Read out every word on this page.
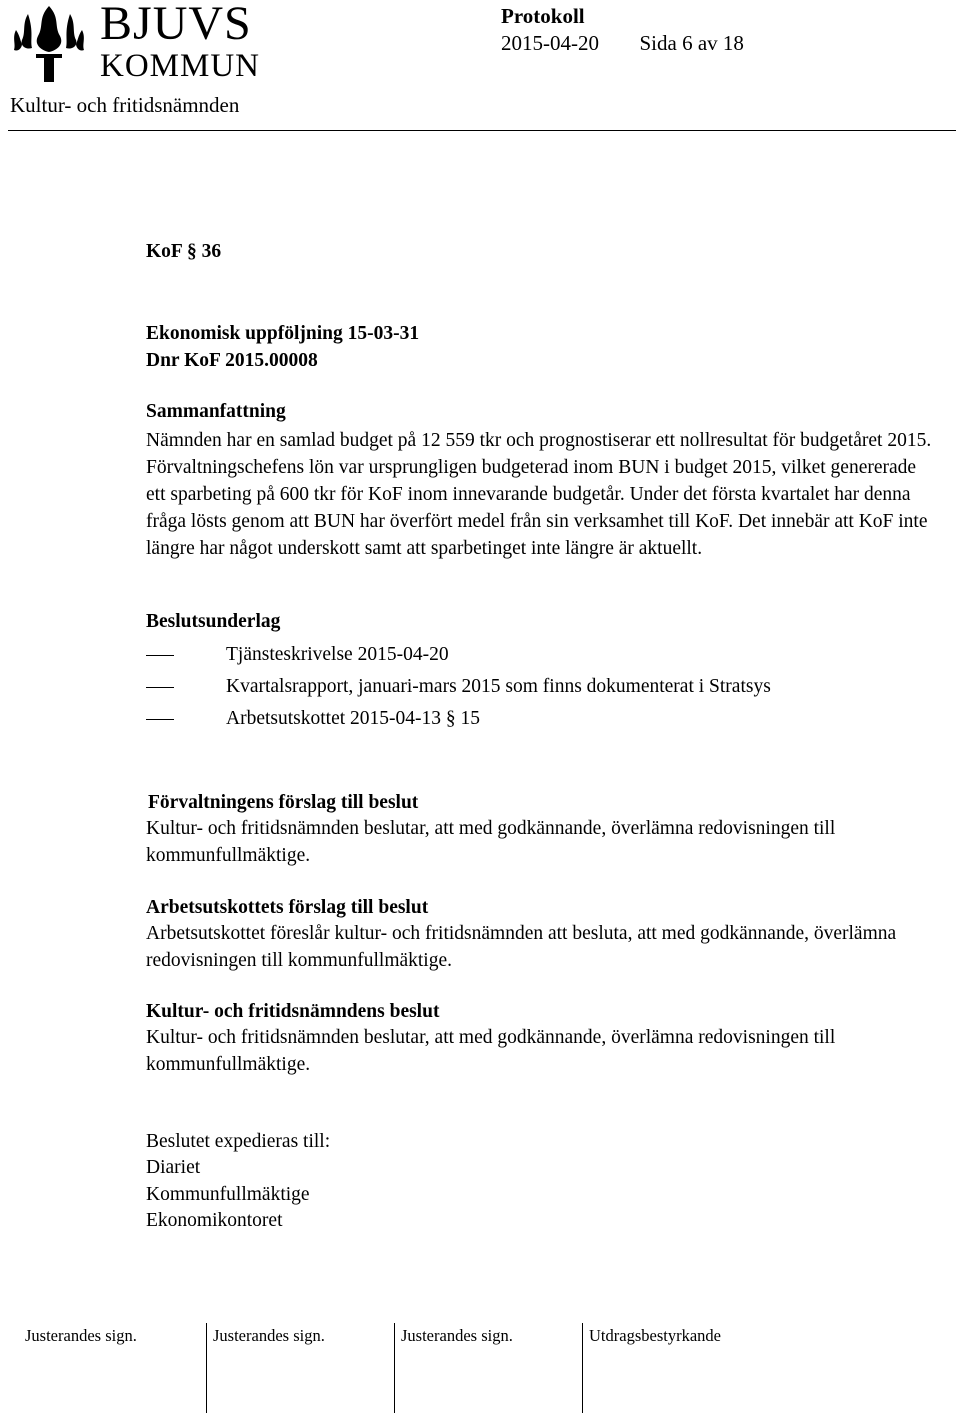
BJUVS
KOMMUN
Kultur- och fritidsnämnden
Protokoll
2015-04-20 Sida 6 av 18
KoF § 36
Ekonomisk uppföljning 15-03-31
Dnr KoF 2015.00008
Sammanfattning

Nämnden har en samlad budget på 12 559 tkr och prognostiserar ett nollresultat för budgetåret 2015. Förvaltningschefens lön var ursprungligen budgeterad inom BUN i budget 2015, vilket genererade ett sparbeting på 600 tkr för KoF inom innevarande budgetår. Under det första kvartalet har denna fråga lösts genom att BUN har överfört medel från sin verksamhet till KoF. Det innebär att KoF inte längre har något underskott samt att sparbetinget inte längre är aktuellt.

Beslutsunderlag
Tjänsteskrivelse 2015-04-20
Kvartalsrapport, januari-mars 2015 som finns dokumenterat i Stratsys
Arbetsutskottet 2015-04-13 § 15
Förvaltningens förslag till beslut

Kultur- och fritidsnämnden beslutar, att med godkännande, överlämna redovisningen till kommunfullmäktige.

Arbetsutskottets förslag till beslut

Arbetsutskottet föreslår kultur- och fritidsnämnden att besluta, att med godkännande, överlämna redovisningen till kommunfullmäktige.

Kultur- och fritidsnämndens beslut

Kultur- och fritidsnämnden beslutar, att med godkännande, överlämna redovisningen till kommunfullmäktige.

Beslutet expedieras till:
Diariet
Kommunfullmäktige
Ekonomikontoret
Justerandes sign.	Justerandes sign.	Justerandes sign.	Utdragsbestyrkande
